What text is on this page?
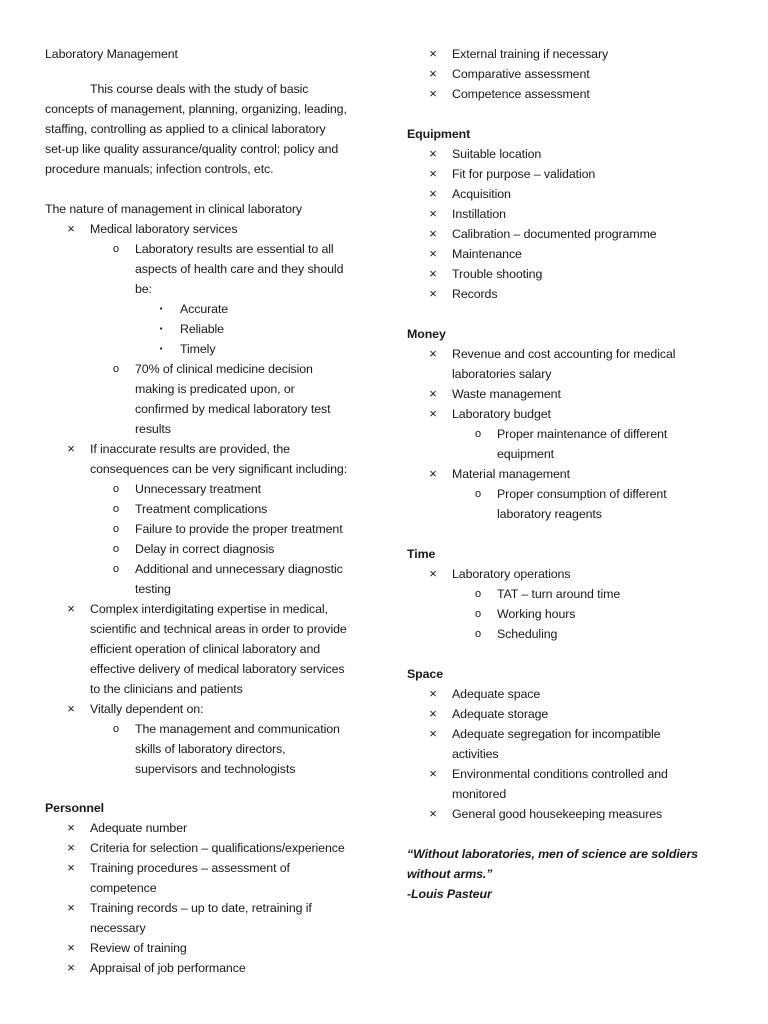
Laboratory Management
This course deals with the study of basic
concepts of management, planning, organizing, leading,
staffing, controlling as applied to a clinical laboratory
set-up like quality assurance/quality control; policy and
procedure manuals; infection controls, etc.
The nature of management in clinical laboratory
× Medical laboratory services
o Laboratory results are essential to all
aspects of health care and they should
be:
▪	Accurate
▪	Reliable
▪	Timely
o 70% of clinical medicine decision
making is predicated upon, or
confirmed by medical laboratory test
results
× If inaccurate results are provided, the
consequences can be very significant including:
o Unnecessary treatment
o Treatment complications
o Failure to provide the proper treatment
o Delay in correct diagnosis
o Additional and unnecessary diagnostic
testing
× Complex interdigitating expertise in medical,
scientific and technical areas in order to provide
efficient operation of clinical laboratory and
effective delivery of medical laboratory services
to the clinicians and patients
× Vitally dependent on:
o The management and communication
skills of laboratory directors,
supervisors and technologists
Personnel
× Adequate number
× Criteria for selection – qualifications/experience
× Training procedures – assessment of
competence
× Training records – up to date, retraining if
necessary
× Review of training
× Appraisal of job performance
× External training if necessary
× Comparative assessment
× Competence assessment
Equipment
× Suitable location
× Fit for purpose – validation
× Acquisition
× Instillation
× Calibration – documented programme
× Maintenance
× Trouble shooting
× Records
Money
× Revenue and cost accounting for medical
laboratories salary
× Waste management
× Laboratory budget
o Proper maintenance of different
equipment
× Material management
o Proper consumption of different
laboratory reagents
Time
× Laboratory operations
o TAT – turn around time
o Working hours
o Scheduling
Space
× Adequate space
× Adequate storage
× Adequate segregation for incompatible
activities
× Environmental conditions controlled and
monitored
× General good housekeeping measures
“Without laboratories, men of science are soldiers
without arms.”
-Louis Pasteur
